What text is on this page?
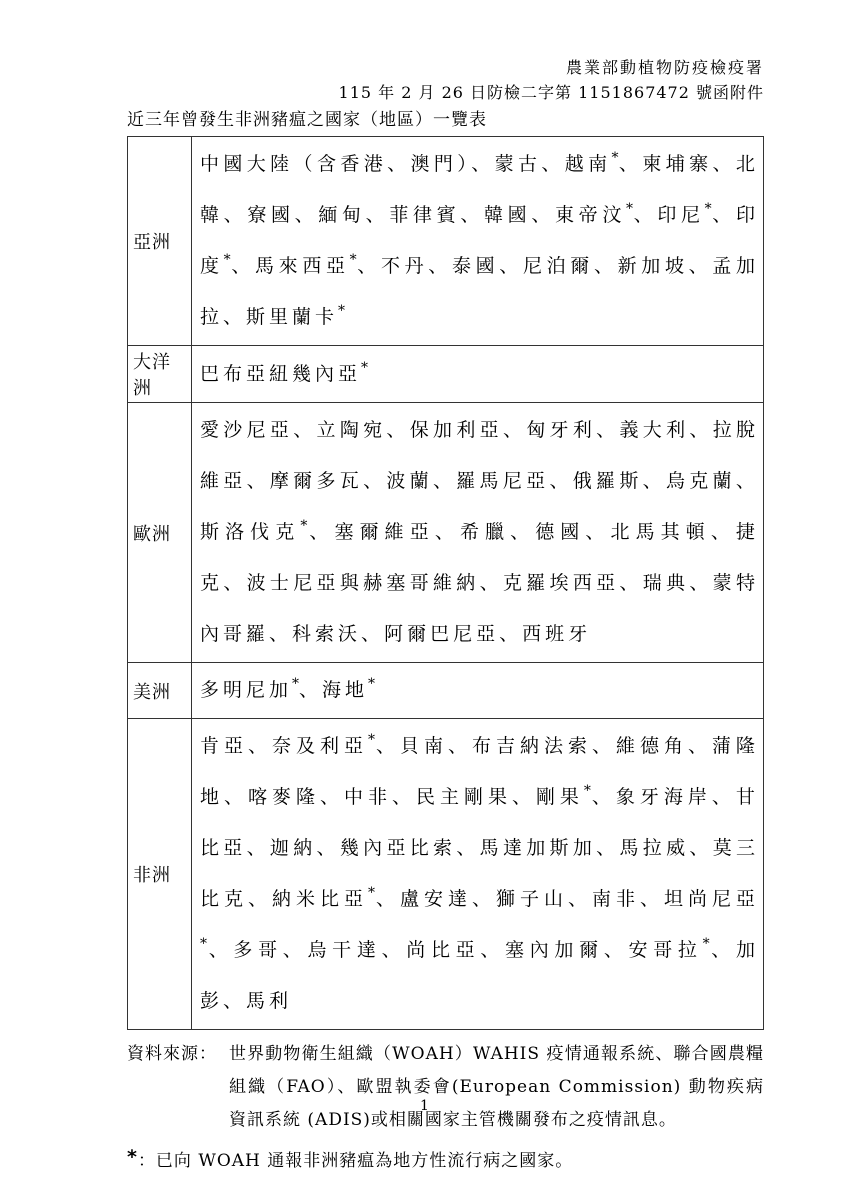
農業部動植物防疫檢疫署
115 年 2 月 26 日防檢二字第 1151867472 號函附件
近三年曾發生非洲豬瘟之國家（地區）一覽表
亞洲	中國大陸（含香港、澳門）、蒙古、越南*、柬埔寨、北韓、寮國、緬甸、菲律賓、韓國、東帝汶*、印尼*、印度*、馬來西亞*、不丹、泰國、尼泊爾、新加坡、孟加拉、斯里蘭卡*
大洋洲	巴布亞紐幾內亞*
歐洲	愛沙尼亞、立陶宛、保加利亞、匈牙利、義大利、拉脫維亞、摩爾多瓦、波蘭、羅馬尼亞、俄羅斯、烏克蘭、斯洛伐克*、塞爾維亞、希臘、德國、北馬其頓、捷克、波士尼亞與赫塞哥維納、克羅埃西亞、瑞典、蒙特內哥羅、科索沃、阿爾巴尼亞、西班牙
美洲	多明尼加*、海地*
非洲	肯亞、奈及利亞*、貝南、布吉納法索、維德角、蒲隆地、喀麥隆、中非、民主剛果、剛果*、象牙海岸、甘比亞、迦納、幾內亞比索、馬達加斯加、馬拉威、莫三比克、納米比亞*、盧安達、獅子山、南非、坦尚尼亞*、多哥、烏干達、尚比亞、塞內加爾、安哥拉*、加彭、馬利
資料來源： 世界動物衛生組織（WOAH）WAHIS 疫情通報系統、聯合國農糧組織（FAO）、歐盟執委會(European Commission) 動物疾病資訊系統 (ADIS)或相關國家主管機關發布之疫情訊息。
*：已向 WOAH 通報非洲豬瘟為地方性流行病之國家。
1
